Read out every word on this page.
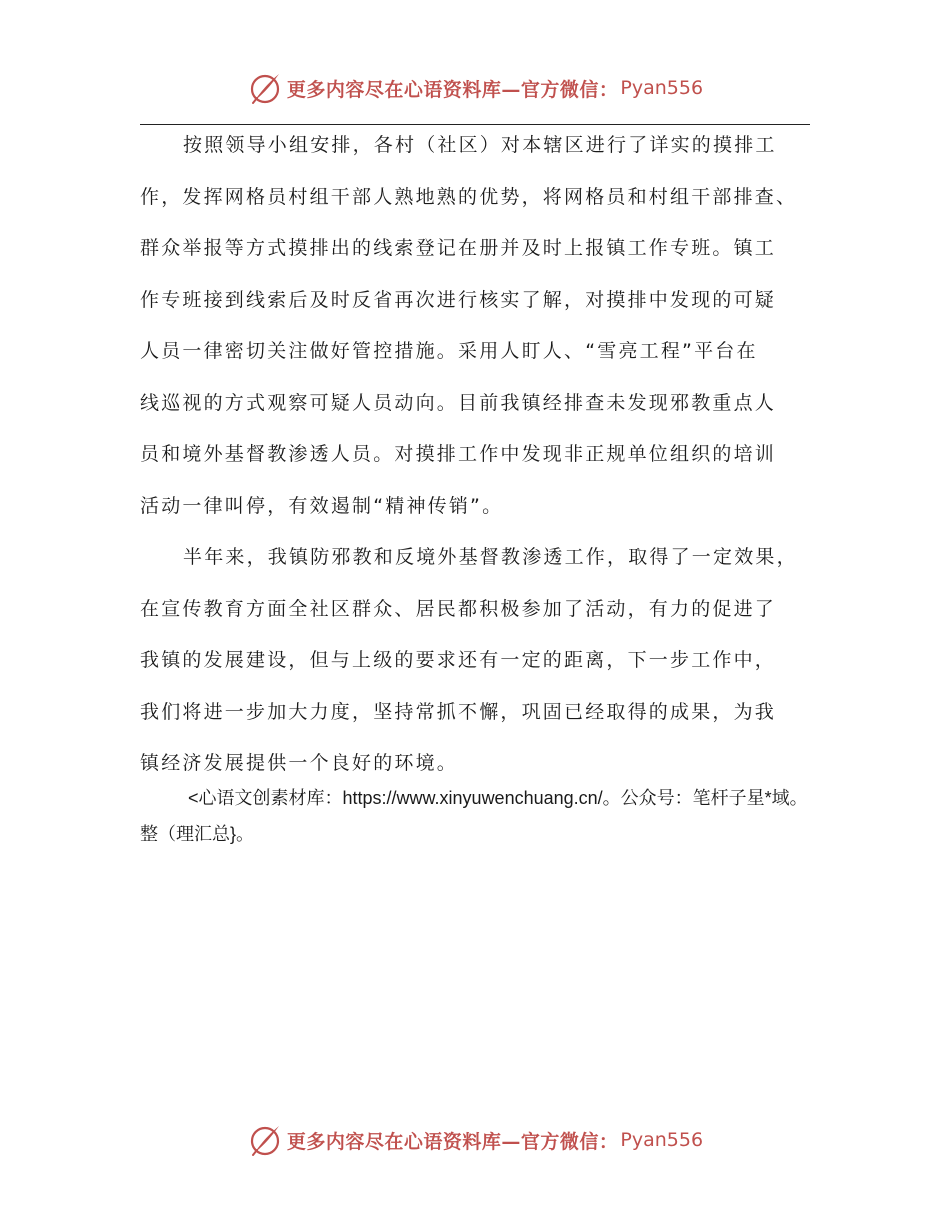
更多内容尽在心语资料库—官方微信： Pyan556
按照领导小组安排，各村（社区）对本辖区进行了详实的摸排工
作，发挥网格员村组干部人熟地熟的优势，将网格员和村组干部排查、
群众举报等方式摸排出的线索登记在册并及时上报镇工作专班。镇工
作专班接到线索后及时反省再次进行核实了解，对摸排中发现的可疑
人员一律密切关注做好管控措施。采用人盯人、“雪亮工程”平台在
线巡视的方式观察可疑人员动向。目前我镇经排查未发现邪教重点人
员和境外基督教渗透人员。对摸排工作中发现非正规单位组织的培训
活动一律叫停，有效遏制“精神传销”。
半年来，我镇防邪教和反境外基督教渗透工作，取得了一定效果，
在宣传教育方面全社区群众、居民都积极参加了活动，有力的促进了
我镇的发展建设，但与上级的要求还有一定的距离，下一步工作中，
我们将进一步加大力度，坚持常抓不懈，巩固已经取得的成果，为我
镇经济发展提供一个良好的环境。
<心语文创素材库：https://www.xinyuwenchuang.cn/。公众号：笔杆子星*域。
整（理汇总}。
更多内容尽在心语资料库—官方微信： Pyan556
